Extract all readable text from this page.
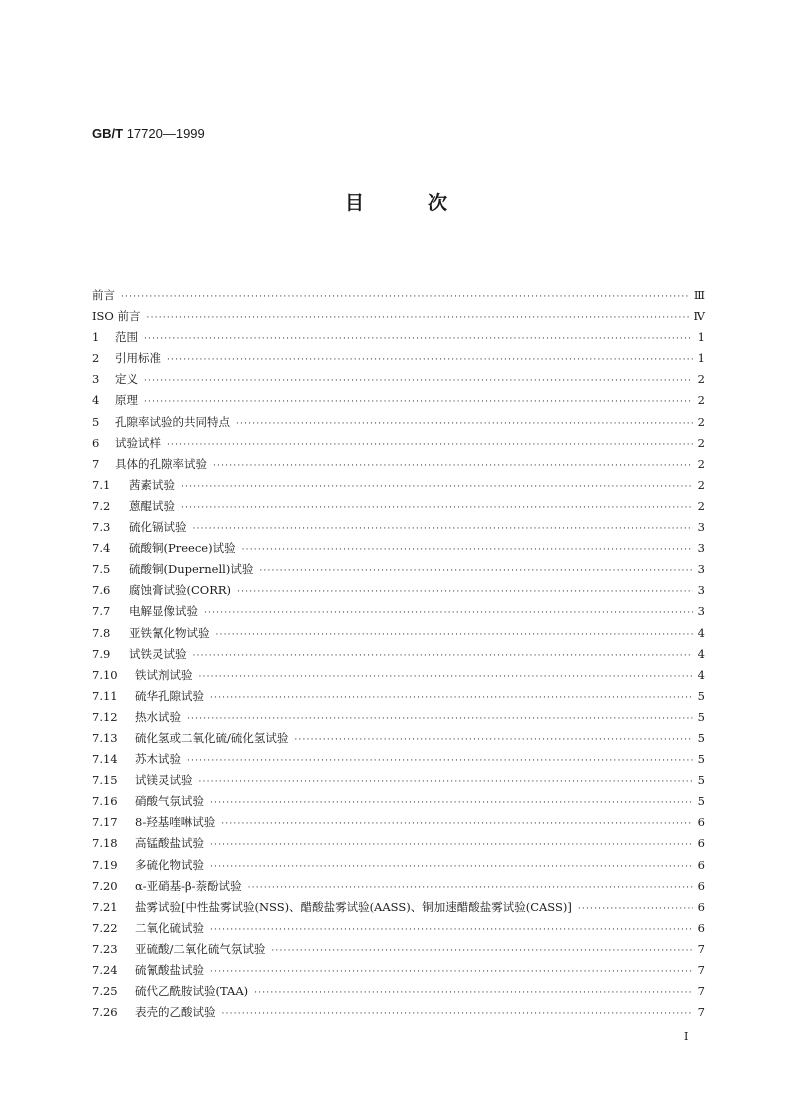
GB/T 17720—1999
目	次
前言 ·····	Ⅲ
ISO 前言 ·····	Ⅳ
1	范围 ·····	1
2	引用标准 ·····	1
3	定义 ·····	2
4	原理 ·····	2
5	孔隙率试验的共同特点 ·····	2
6	试验试样 ·····	2
7	具体的孔隙率试验 ·····	2
7.1	茜素试验 ·····	2
7.2	蒽醌试验 ·····	2
7.3	硫化镉试验 ·····	3
7.4	硫酸铜(Preece)试验 ·····	3
7.5	硫酸铜(Dupernell)试验 ·····	3
7.6	腐蚀膏试验(CORR) ·····	3
7.7	电解显像试验 ·····	3
7.8	亚铁氰化物试验 ·····	4
7.9	试铁灵试验 ·····	4
7.10	铁试剂试验 ·····	4
7.11	硫华孔隙试验 ·····	5
7.12	热水试验 ·····	5
7.13	硫化氢或二氧化硫/硫化氢试验 ·····	5
7.14	苏木试验 ·····	5
7.15	试镁灵试验 ·····	5
7.16	硝酸气氛试验 ·····	5
7.17	8-羟基喹啉试验 ·····	6
7.18	高锰酸盐试验 ·····	6
7.19	多硫化物试验 ·····	6
7.20	α-亚硝基-β-萘酚试验 ·····	6
7.21	盐雾试验[中性盐雾试验(NSS)、醋酸盐雾试验(AASS)、铜加速醋酸盐雾试验(CASS)] ·····	6
7.22	二氧化硫试验 ·····	6
7.23	亚硫酸/二氧化硫气氛试验 ·····	7
7.24	硫氰酸盐试验 ·····	7
7.25	硫代乙酰胺试验(TAA) ·····	7
7.26	表壳的乙酸试验 ·····	7
I
